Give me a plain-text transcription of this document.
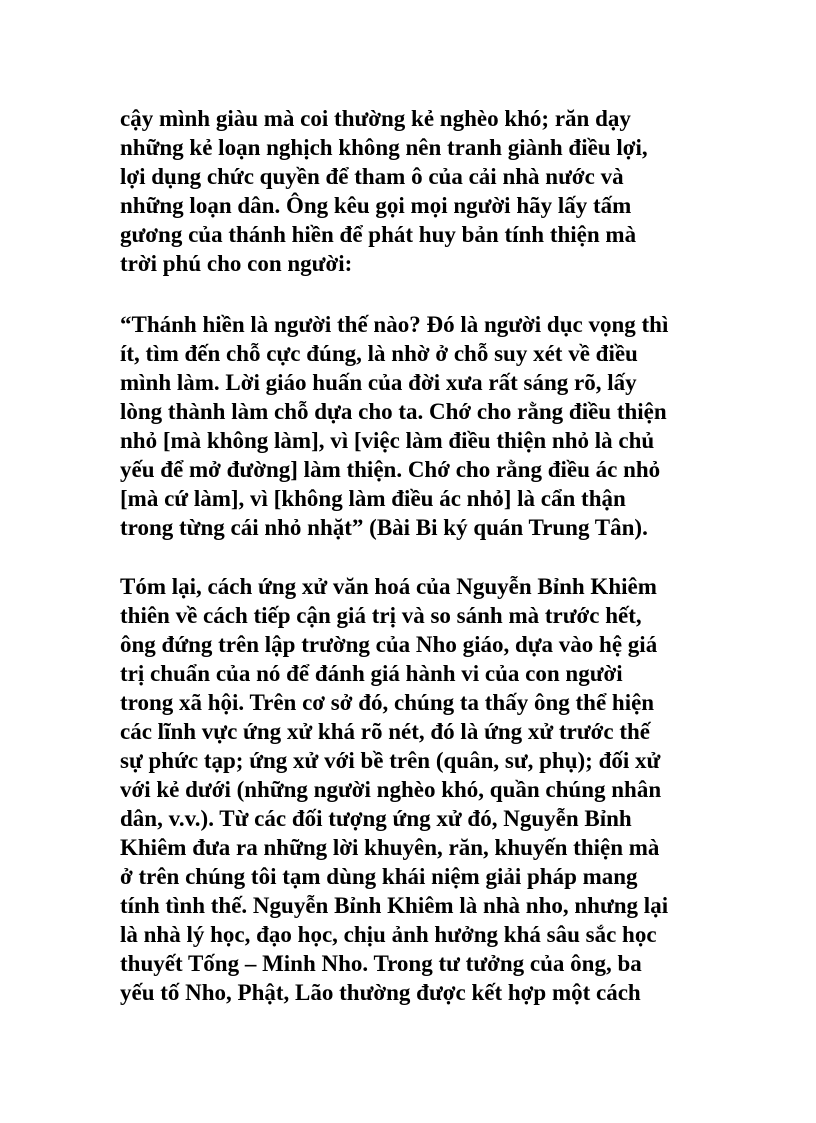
cậy mình giàu mà coi thường kẻ nghèo khó; răn dạy
những kẻ loạn nghịch không nên tranh giành điều lợi,
lợi dụng chức quyền để tham ô của cải nhà nước và
những loạn dân. Ông kêu gọi mọi người hãy lấy tấm
gương của thánh hiền để phát huy bản tính thiện mà
trời phú cho con người:
“Thánh hiền là người thế nào? Đó là người dục vọng thì
ít, tìm đến chỗ cực đúng, là nhờ ở chỗ suy xét về điều
mình làm. Lời giáo huấn của đời xưa rất sáng rõ, lấy
lòng thành làm chỗ dựa cho ta. Chớ cho rằng điều thiện
nhỏ [mà không làm], vì [việc làm điều thiện nhỏ là chủ
yếu để mở đường] làm thiện. Chớ cho rằng điều ác nhỏ
[mà cứ làm], vì [không làm điều ác nhỏ] là cẩn thận
trong từng cái nhỏ nhặt” (Bài Bi ký quán Trung Tân).
Tóm lại, cách ứng xử văn hoá của Nguyễn Bỉnh Khiêm
thiên về cách tiếp cận giá trị và so sánh mà trước hết,
ông đứng trên lập trường của Nho giáo, dựa vào hệ giá
trị chuẩn của nó để đánh giá hành vi của con người
trong xã hội. Trên cơ sở đó, chúng ta thấy ông thể hiện
các lĩnh vực ứng xử khá rõ nét, đó là ứng xử trước thế
sự phức tạp; ứng xử với bề trên (quân, sư, phụ); đối xử
với kẻ dưới (những người nghèo khó, quần chúng nhân
dân, v.v.). Từ các đối tượng ứng xử đó, Nguyễn Bỉnh
Khiêm đưa ra những lời khuyên, răn, khuyến thiện mà
ở trên chúng tôi tạm dùng khái niệm giải pháp mang
tính tình thế. Nguyễn Bỉnh Khiêm là nhà nho, nhưng lại
là nhà lý học, đạo học, chịu ảnh hưởng khá sâu sắc học
thuyết Tống – Minh Nho. Trong tư tưởng của ông, ba
yếu tố Nho, Phật, Lão thường được kết hợp một cách
